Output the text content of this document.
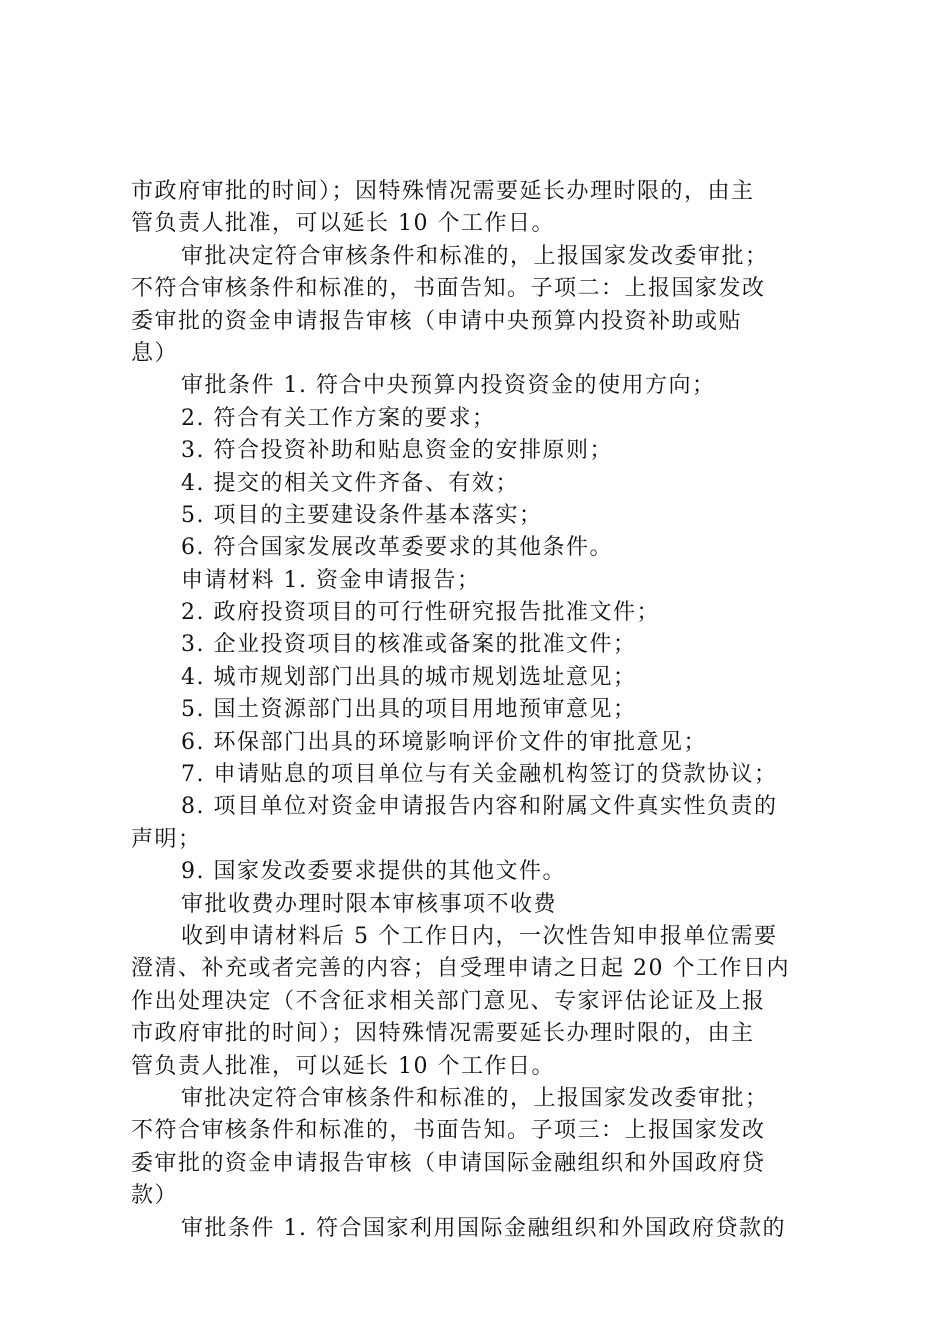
市政府审批的时间）；因特殊情况需要延长办理时限的，由主
管负责人批准，可以延长 10 个工作日。
审批决定符合审核条件和标准的，上报国家发改委审批；
不符合审核条件和标准的，书面告知。子项二：上报国家发改
委审批的资金申请报告审核（申请中央预算内投资补助或贴
息）
审批条件 1. 符合中央预算内投资资金的使用方向；
2. 符合有关工作方案的要求；
3. 符合投资补助和贴息资金的安排原则；
4. 提交的相关文件齐备、有效；
5. 项目的主要建设条件基本落实；
6. 符合国家发展改革委要求的其他条件。
申请材料 1. 资金申请报告；
2. 政府投资项目的可行性研究报告批准文件；
3. 企业投资项目的核准或备案的批准文件；
4. 城市规划部门出具的城市规划选址意见；
5. 国土资源部门出具的项目用地预审意见；
6. 环保部门出具的环境影响评价文件的审批意见；
7. 申请贴息的项目单位与有关金融机构签订的贷款协议；
8. 项目单位对资金申请报告内容和附属文件真实性负责的
声明；
9. 国家发改委要求提供的其他文件。
审批收费办理时限本审核事项不收费
收到申请材料后 5 个工作日内，一次性告知申报单位需要
澄清、补充或者完善的内容；自受理申请之日起 20 个工作日内
作出处理决定（不含征求相关部门意见、专家评估论证及上报
市政府审批的时间）；因特殊情况需要延长办理时限的，由主
管负责人批准，可以延长 10 个工作日。
审批决定符合审核条件和标准的，上报国家发改委审批；
不符合审核条件和标准的，书面告知。子项三：上报国家发改
委审批的资金申请报告审核（申请国际金融组织和外国政府贷
款）
审批条件 1. 符合国家利用国际金融组织和外国政府贷款的
